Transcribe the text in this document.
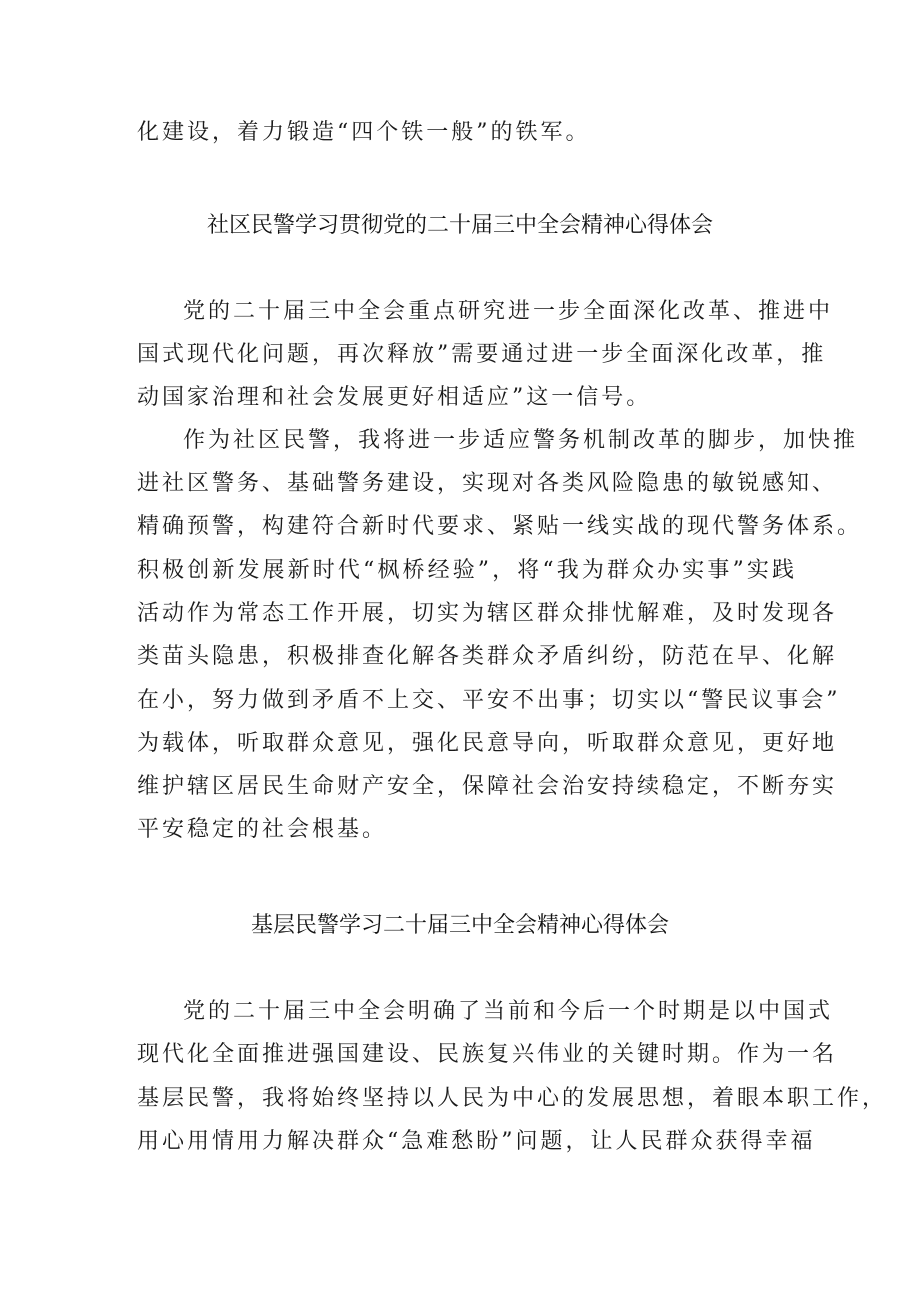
化建设，着力锻造“四个铁一般”的铁军。
社区民警学习贯彻党的二十届三中全会精神心得体会
党的二十届三中全会重点研究进一步全面深化改革、推进中
国式现代化问题，再次释放”需要通过进一步全面深化改革，推
动国家治理和社会发展更好相适应”这一信号。
作为社区民警，我将进一步适应警务机制改革的脚步，加快推
进社区警务、基础警务建设，实现对各类风险隐患的敏锐感知、
精确预警，构建符合新时代要求、紧贴一线实战的现代警务体系。
积极创新发展新时代“枫桥经验”，将“我为群众办实事”实践
活动作为常态工作开展，切实为辖区群众排忧解难，及时发现各
类苗头隐患，积极排查化解各类群众矛盾纠纷，防范在早、化解
在小，努力做到矛盾不上交、平安不出事；切实以“警民议事会”
为载体，听取群众意见，强化民意导向，听取群众意见，更好地
维护辖区居民生命财产安全，保障社会治安持续稳定，不断夯实
平安稳定的社会根基。
基层民警学习二十届三中全会精神心得体会
党的二十届三中全会明确了当前和今后一个时期是以中国式
现代化全面推进强国建设、民族复兴伟业的关键时期。作为一名
基层民警，我将始终坚持以人民为中心的发展思想，着眼本职工作，
用心用情用力解决群众“急难愁盼”问题，让人民群众获得幸福
